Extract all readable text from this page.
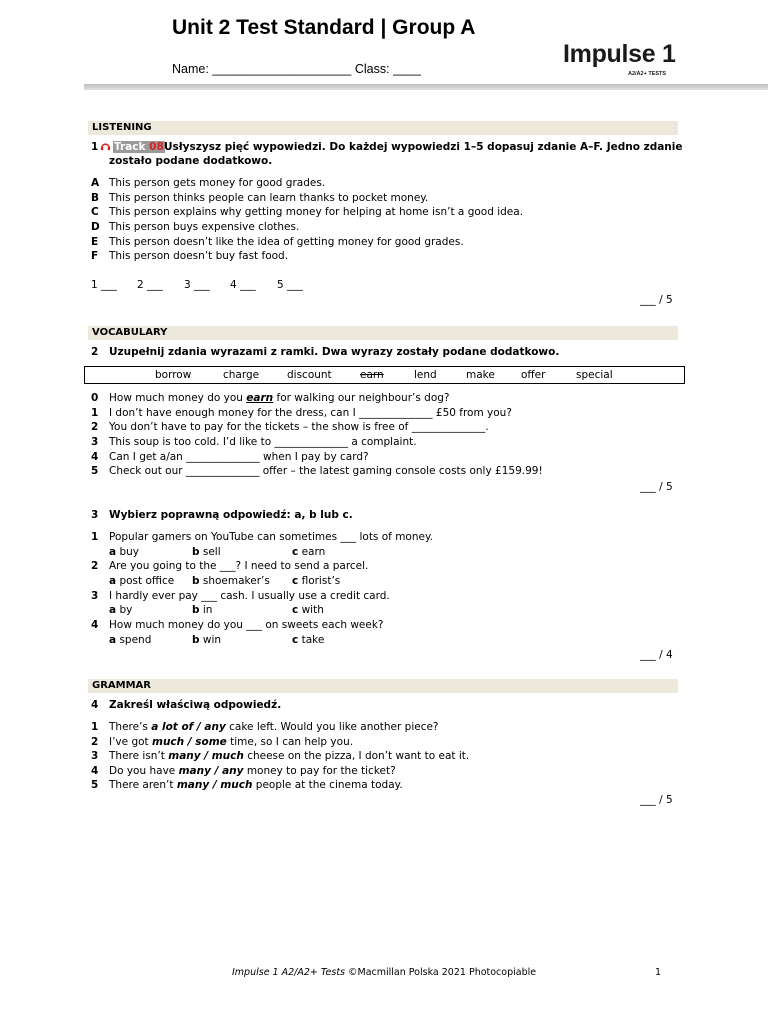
Unit 2 Test Standard | Group A
Name: ____________________ Class: ____
Impulse 1
A2/A2+ TESTS
LISTENING
1	Track 08 Usłyszysz pięć wypowiedzi. Do każdej wypowiedzi 1–5 dopasuj zdanie A–F. Jedno zdanie
zostało podane dodatkowo.
A This person gets money for good grades.
B This person thinks people can learn thanks to pocket money.
C This person explains why getting money for helping at home isn’t a good idea.
D This person buys expensive clothes.
E This person doesn’t like the idea of getting money for good grades.
F This person doesn’t buy fast food.
1 ___ 2 ___ 3 ___ 4 ___ 5 ___
___ / 5
VOCABULARY
2 Uzupełnij zdania wyrazami z ramki. Dwa wyrazy zostały podane dodatkowo.
borrow	charge	discount	earn	lend	make offer	special
0 How much money do you earn for walking our neighbour’s dog?
1 I don’t have enough money for the dress, can I ______________ £50 from you?
2 You don’t have to pay for the tickets – the show is free of ______________.
3 This soup is too cold. I’d like to ______________ a complaint.
4 Can I get a/an ______________ when I pay by card?
5 Check out our ______________ offer – the latest gaming console costs only £159.99!
___ / 5
3 Wybierz poprawną odpowiedź: a, b lub c.
1 Popular gamers on YouTube can sometimes ___ lots of money.
a buy	b sell	c earn
2 Are you going to the ___? I need to send a parcel.
a post office b shoemaker’s c florist’s
3 I hardly ever pay ___ cash. I usually use a credit card.
a by	b in	c with
4 How much money do you ___ on sweets each week?
a spend	b win	c take
___ / 4
GRAMMAR
4 Zakreśl właściwą odpowiedź.
1 There’s a lot of / any cake left. Would you like another piece?
2 I’ve got much / some time, so I can help you.
3 There isn’t many / much cheese on the pizza, I don’t want to eat it.
4 Do you have many / any money to pay for the ticket?
5 There aren’t many / much people at the cinema today.
___ / 5
Impulse 1 A2/A2+ Tests ©Macmillan Polska 2021 Photocopiable	1
